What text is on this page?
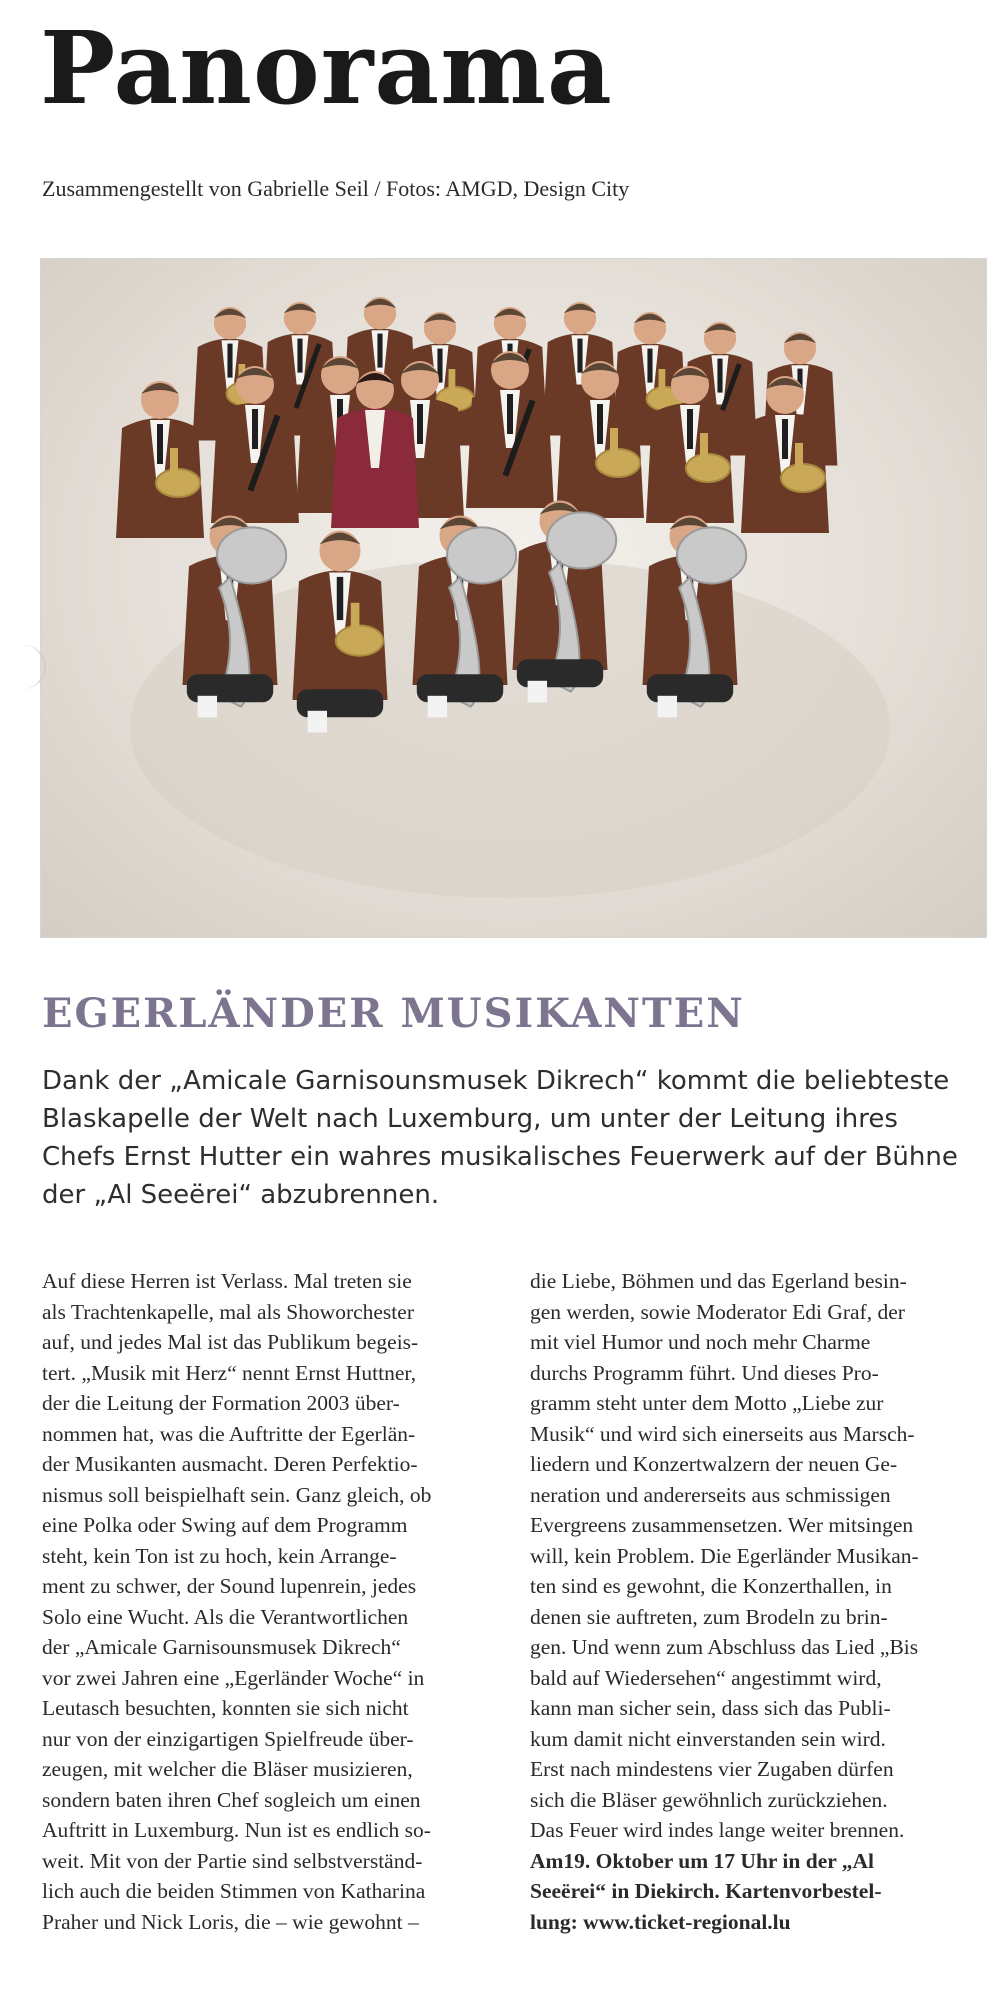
Panorama
Zusammengestellt von Gabrielle Seil / Fotos: AMGD, Design City
EGERLÄNDER MUSIKANTEN

Dank der „Amicale Garnisounsmusek Dikrech“ kommt die beliebteste Blaskapelle der Welt nach Luxemburg, um unter der Leitung ihres Chefs Ernst Hutter ein wahres musikalisches Feuerwerk auf der Bühne der „Al Seeërei“ abzubrennen.

Auf diese Herren ist Verlass. Mal treten sie
als Trachtenkapelle, mal als Showorchester
auf, und jedes Mal ist das Publikum begeis-
tert. „Musik mit Herz“ nennt Ernst Huttner,
der die Leitung der Formation 2003 über-
nommen hat, was die Auftritte der Egerlän-
der Musikanten ausmacht. Deren Perfektio-
nismus soll beispielhaft sein. Ganz gleich, ob
eine Polka oder Swing auf dem Programm
steht, kein Ton ist zu hoch, kein Arrange-
ment zu schwer, der Sound lupenrein, jedes
Solo eine Wucht. Als die Verantwortlichen
der „Amicale Garnisounsmusek Dikrech“
vor zwei Jahren eine „Egerländer Woche“ in
Leutasch besuchten, konnten sie sich nicht
nur von der einzigartigen Spielfreude über-
zeugen, mit welcher die Bläser musizieren,
sondern baten ihren Chef sogleich um einen
Auftritt in Luxemburg. Nun ist es endlich so-
weit. Mit von der Partie sind selbstverständ-
lich auch die beiden Stimmen von Katharina
Praher und Nick Loris, die – wie gewohnt –
die Liebe, Böhmen und das Egerland besin-
gen werden, sowie Moderator Edi Graf, der
mit viel Humor und noch mehr Charme
durchs Programm führt. Und dieses Pro-
gramm steht unter dem Motto „Liebe zur
Musik“ und wird sich einerseits aus Marsch-
liedern und Konzertwalzern der neuen Ge-
neration und andererseits aus schmissigen
Evergreens zusammensetzen. Wer mitsingen
will, kein Problem. Die Egerländer Musikan-
ten sind es gewohnt, die Konzerthallen, in
denen sie auftreten, zum Brodeln zu brin-
gen. Und wenn zum Abschluss das Lied „Bis
bald auf Wiedersehen“ angestimmt wird,
kann man sicher sein, dass sich das Publi-
kum damit nicht einverstanden sein wird.
Erst nach mindestens vier Zugaben dürfen
sich die Bläser gewöhnlich zurückziehen.
Das Feuer wird indes lange weiter brennen.
Am19. Oktober um 17 Uhr in der „Al
Seeërei“ in Diekirch. Kartenvorbestel-
lung: www.ticket-regional.lu
